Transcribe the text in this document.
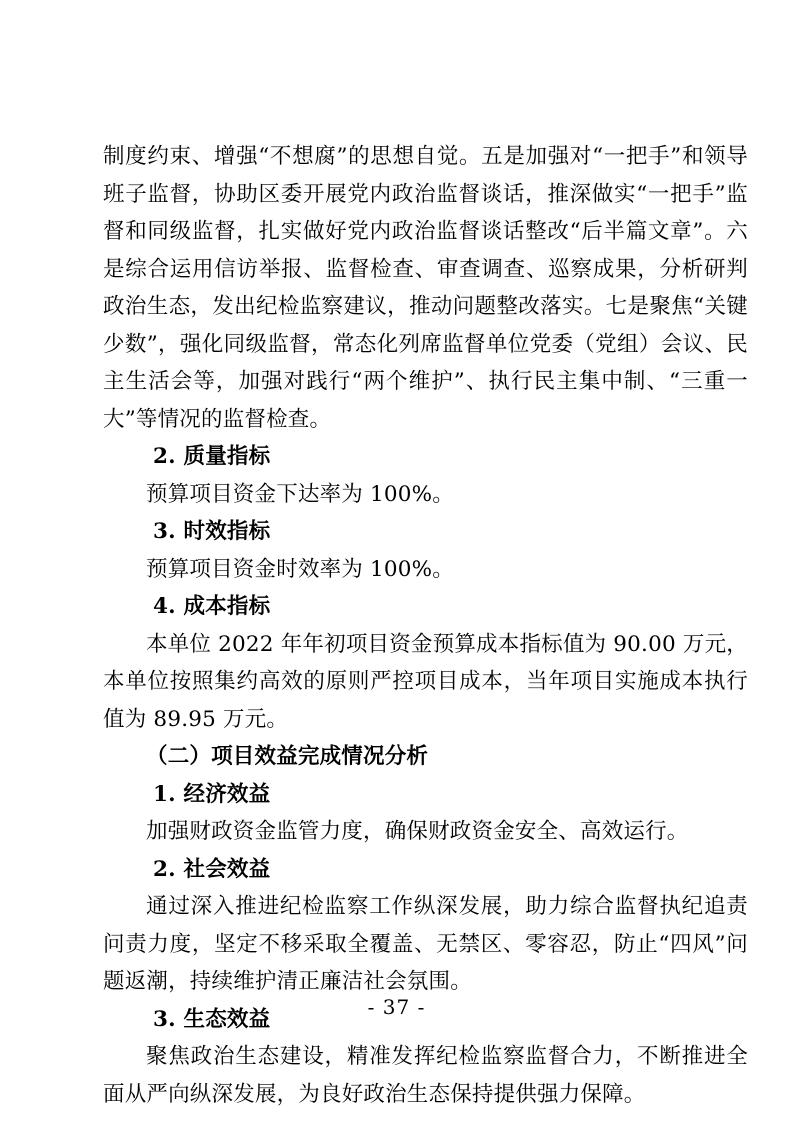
制度约束、增强“不想腐”的思想自觉。五是加强对“一把手”和领导班子监督，协助区委开展党内政治监督谈话，推深做实“一把手”监督和同级监督，扎实做好党内政治监督谈话整改“后半篇文章”。六是综合运用信访举报、监督检查、审查调查、巡察成果，分析研判政治生态，发出纪检监察建议，推动问题整改落实。七是聚焦“关键少数”，强化同级监督，常态化列席监督单位党委（党组）会议、民主生活会等，加强对践行“两个维护”、执行民主集中制、“三重一大”等情况的监督检查。

2. 质量指标

预算项目资金下达率为 100%。

3. 时效指标

预算项目资金时效率为 100%。

4. 成本指标

本单位 2022 年年初项目资金预算成本指标值为 90.00 万元，本单位按照集约高效的原则严控项目成本，当年项目实施成本执行值为 89.95 万元。

（二）项目效益完成情况分析

1. 经济效益

加强财政资金监管力度，确保财政资金安全、高效运行。

2. 社会效益

通过深入推进纪检监察工作纵深发展，助力综合监督执纪追责问责力度，坚定不移采取全覆盖、无禁区、零容忍，防止“四风”问题返潮，持续维护清正廉洁社会氛围。

3. 生态效益

聚焦政治生态建设，精准发挥纪检监察监督合力，不断推进全面从严向纵深发展，为良好政治生态保持提供强力保障。

- 37 -
